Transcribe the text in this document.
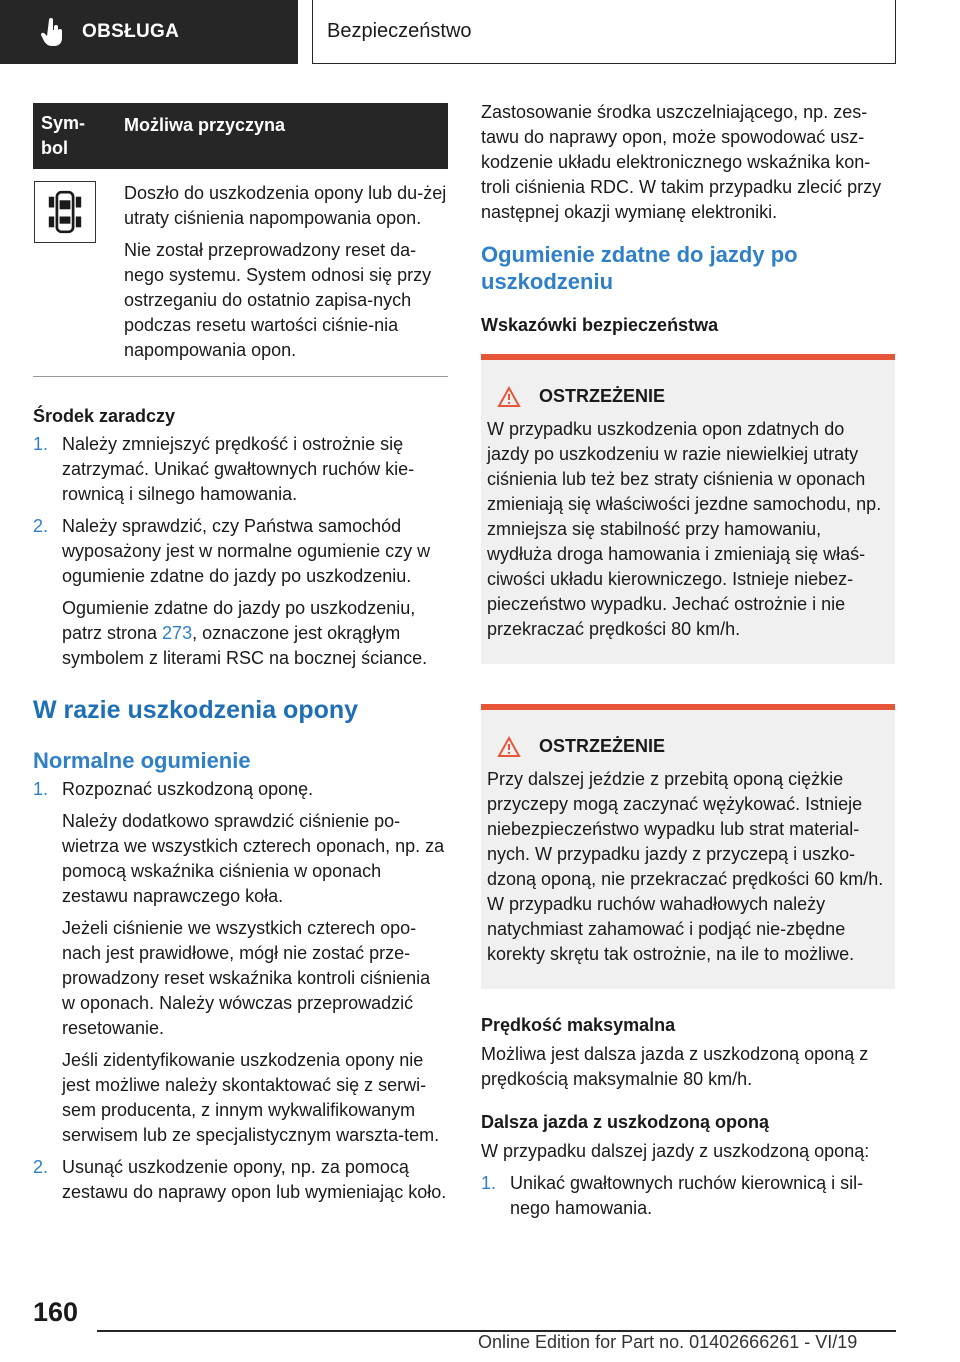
OBSŁUGA	Bezpieczeństwo
Sym-
bol
Możliwa przyczyna

Doszło do uszkodzenia opony lub du-żej utraty ciśnienia napompowania opon.

Nie został przeprowadzony reset da-nego systemu. System odnosi się przy ostrzeganiu do ostatnio zapisa-nych podczas resetu wartości ciśnie-nia napompowania opon.

Środek zaradczy
1. Należy zmniejszyć prędkość i ostrożnie się zatrzymać. Unikać gwałtownych ruchów kie-rownicą i silnego hamowania.

2. Należy sprawdzić, czy Państwa samochód wyposażony jest w normalne ogumienie czy w ogumienie zdatne do jazdy po uszkodzeniu.

Ogumienie zdatne do jazdy po uszkodzeniu, patrz strona 273, oznaczone jest okrągłym symbolem z literami RSC na bocznej ściance.

W razie uszkodzenia opony
Normalne ogumienie
1. Rozpoznać uszkodzoną oponę.

Należy dodatkowo sprawdzić ciśnienie po-wietrza we wszystkich czterech oponach, np. za pomocą wskaźnika ciśnienia w oponach zestawu naprawczego koła.

Jeżeli ciśnienie we wszystkich czterech opo-nach jest prawidłowe, mógł nie zostać prze-prowadzony reset wskaźnika kontroli ciśnienia w oponach. Należy wówczas przeprowadzić resetowanie.

Jeśli zidentyfikowanie uszkodzenia opony nie jest możliwe należy skontaktować się z serwi-sem producenta, z innym wykwalifikowanym serwisem lub ze specjalistycznym warszta-tem.

2. Usunąć uszkodzenie opony, np. za pomocą zestawu do naprawy opon lub wymieniając koło.

Zastosowanie środka uszczelniającego, np. zes-tawu do naprawy opon, może spowodować usz-kodzenie układu elektronicznego wskaźnika kon-troli ciśnienia RDC. W takim przypadku zlecić przy następnej okazji wymianę elektroniki.

Ogumienie zdatne do jazdy po uszkodzeniu
Wskazówki bezpieczeństwa
OSTRZEŻENIE

W przypadku uszkodzenia opon zdatnych do jazdy po uszkodzeniu w razie niewielkiej utraty ciśnienia lub też bez straty ciśnienia w oponach zmieniają się właściwości jezdne samochodu, np. zmniejsza się stabilność przy hamowaniu, wydłuża droga hamowania i zmieniają się właś-ciwości układu kierowniczego. Istnieje niebez-pieczeństwo wypadku. Jechać ostrożnie i nie przekraczać prędkości 80 km/h.

OSTRZEŻENIE

Przy dalszej jeździe z przebitą oponą ciężkie przyczepy mogą zaczynać wężykować. Istnieje niebezpieczeństwo wypadku lub strat material-nych. W przypadku jazdy z przyczepą i uszko-dzoną oponą, nie przekraczać prędkości 60 km/h. W przypadku ruchów wahadłowych należy natychmiast zahamować i podjąć nie-zbędne korekty skrętu tak ostrożnie, na ile to możliwe.

Prędkość maksymalna

Możliwa jest dalsza jazda z uszkodzoną oponą z prędkością maksymalnie 80 km/h.

Dalsza jazda z uszkodzoną oponą

W przypadku dalszej jazdy z uszkodzoną oponą:

1. Unikać gwałtownych ruchów kierownicą i sil-nego hamowania.

160
Online Edition for Part no. 01402666261 - VI/19
